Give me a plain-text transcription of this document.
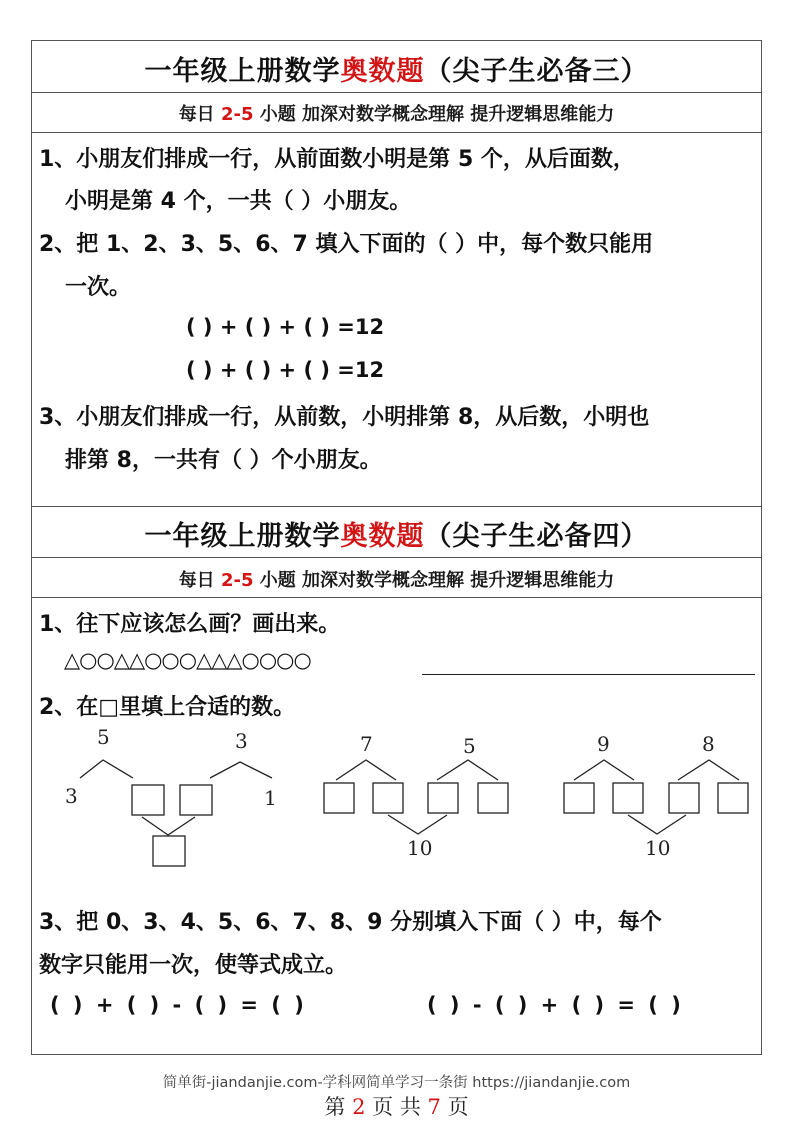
一年级上册数学奥数题（尖子生必备三）
每日 2-5 小题 加深对数学概念理解 提升逻辑思维能力
1、小朋友们排成一行，从前面数小明是第 5 个，从后面数，
小明是第 4 个，一共（ ）小朋友。
2、把 1、2、3、5、6、7 填入下面的（ ）中，每个数只能用
一次。
( ) + ( ) + ( ) =12
( ) + ( ) + ( ) =12
3、小朋友们排成一行，从前数，小明排第 8，从后数，小明也
排第 8，一共有（ ）个小朋友。
一年级上册数学奥数题（尖子生必备四）
每日 2-5 小题 加深对数学概念理解 提升逻辑思维能力
1、往下应该怎么画？画出来。
△○○△△○○○△△△○○○○
2、在□里填上合适的数。
5	3
3	1
7	5
10
9	8
10
3、把 0、3、4、5、6、7、8、9 分别填入下面（ ）中，每个
数字只能用一次，使等式成立。
( ) + ( ) - ( ) = ( )	( ) - ( ) + ( ) = ( )
简单街-jiandanjie.com-学科网简单学习一条街 https://jiandanjie.com
第 2 页 共 7 页
